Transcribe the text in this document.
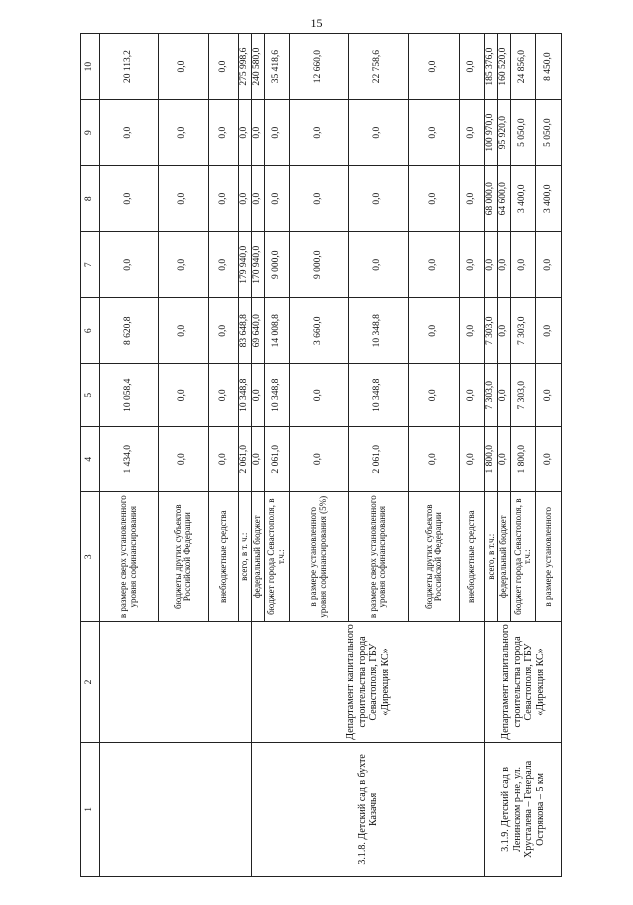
15
1	2	3	4	5	6	7	8	9	10
		в размере сверх установленного уровня софинансирования	1 434,0	10 058,4	8 620,8	0,0	0,0	0,0	20 113,2
		бюджеты других субъектов Российской Федерации	0,0	0,0	0,0	0,0	0,0	0,0	0,0
		внебюджетные средства	0,0	0,0	0,0	0,0	0,0	0,0	0,0
		всего, в т. ч.:	2 061,0	10 348,8	83 648,8	179 940,0	0,0	0,0	275 998,6
3.1.8. Детский сад в бухте Казачья	Департамент капитального строительства города Севастополя, ГБУ «Дирекция КС»	федеральный бюджет	0,0	0,0	69 640,0	170 940,0	0,0	0,0	240 580,0
		бюджет города Севастополя, в т.ч.:	2 061,0	10 348,8	14 008,8	9 000,0	0,0	0,0	35 418,6
		в размере установленного уровня софинансирования (5%)	0,0	0,0	3 660,0	9 000,0	0,0	0,0	12 660,0
		в размере сверх установленного уровня софинансирования	2 061,0	10 348,8	10 348,8	0,0	0,0	0,0	22 758,6
		бюджеты других субъектов Российской Федерации	0,0	0,0	0,0	0,0	0,0	0,0	0,0
		внебюджетные средства	0,0	0,0	0,0	0,0	0,0	0,0	0,0
3.1.9. Детский сад в Ленинском р-не, ул. Хрусталева – Генерала Острякова – 5 км	Департамент капитального строительства города Севастополя, ГБУ «Дирекция КС»	всего, в т.ч.:	1 800,0	7 303,0	7 303,0	0,0	68 000,0	100 970,0	185 376,0
		федеральный бюджет	0,0	0,0	0,0	0,0	64 600,0	95 920,0	160 520,0
		бюджет города Севастополя, в т.ч.:	1 800,0	7 303,0	7 303,0	0,0	3 400,0	5 050,0	24 856,0
		в размере установленного	0,0	0,0	0,0	0,0	3 400,0	5 050,0	8 450,0
